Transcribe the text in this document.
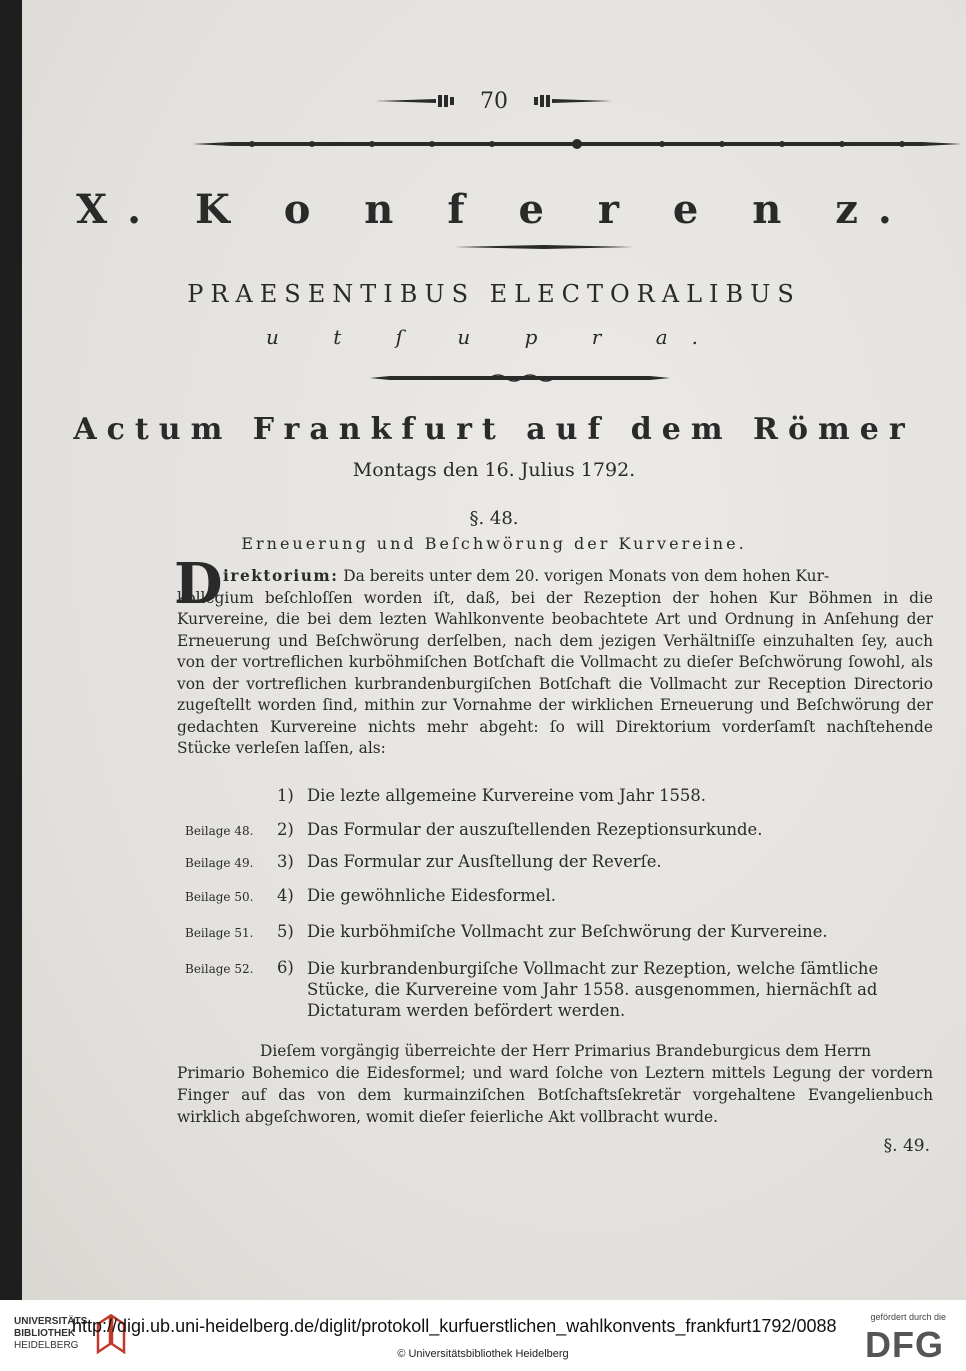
70
X. K o n f e r e n z.
PRAESENTIBUS ELECTORALIBUS
u t ſ u p r a.
Actum Frankfurt auf dem Römer
Montags den 16. Julius 1792.
§. 48.
Erneuerung und Beſchwörung der Kurvereine.
D irektorium: Da bereits unter dem 20. vorigen Monats von dem hohen Kur-
kollegium beſchloſſen worden iſt, daß, bei der Rezeption der hohen Kur Böhmen in die Kurvereine, die bei dem lezten Wahlkonvente beobachtete Art und Ordnung in Anſehung der Erneuerung und Beſchwörung derſelben, nach dem jezigen Verhältniſſe einzuhalten ſey, auch von der vortreflichen kurböhmiſchen Botſchaft die Vollmacht zu dieſer Beſchwörung ſowohl, als von der vortreflichen kurbrandenburgiſchen Botſchaft die Vollmacht zur Reception Directorio zugeſtellt worden ſind, mithin zur Vornahme der wirklichen Erneuerung und Beſchwörung der gedachten Kurvereine nichts mehr abgeht: ſo will Direktorium vorderſamſt nachſtehende Stücke verleſen laſſen, als:
1) Die lezte allgemeine Kurvereine vom Jahr 1558.
Beilage 48. 2) Das Formular der auszuſtellenden Rezeptionsurkunde.
Beilage 49. 3) Das Formular zur Ausſtellung der Reverſe.
Beilage 50. 4) Die gewöhnliche Eidesformel.
Beilage 51. 5) Die kurböhmiſche Vollmacht zur Beſchwörung der Kurvereine.
Beilage 52. 6) Die kurbrandenburgiſche Vollmacht zur Rezeption, welche ſämtliche Stücke, die Kurvereine vom Jahr 1558. ausgenommen, hiernächſt ad Dictaturam werden befördert werden.
Dieſem vorgängig überreichte der Herr Primarius Brandeburgicus dem Herrn
Primario Bohemico die Eidesformel; und ward ſolche von Leztern mittels Legung der vordern Finger auf das von dem kurmainziſchen Botſchaftsſekretär vorgehaltene Evangelienbuch wirklich abgeſchworen, womit dieſer feierliche Akt vollbracht wurde.
§. 49.
UNIVERSITÄTS
BIBLIOTHEK
HEIDELBERG
http://digi.ub.uni-heidelberg.de/diglit/protokoll_kurfuerstlichen_wahlkonvents_frankfurt1792/0088
© Universitätsbibliothek Heidelberg
gefördert durch die
DFG
